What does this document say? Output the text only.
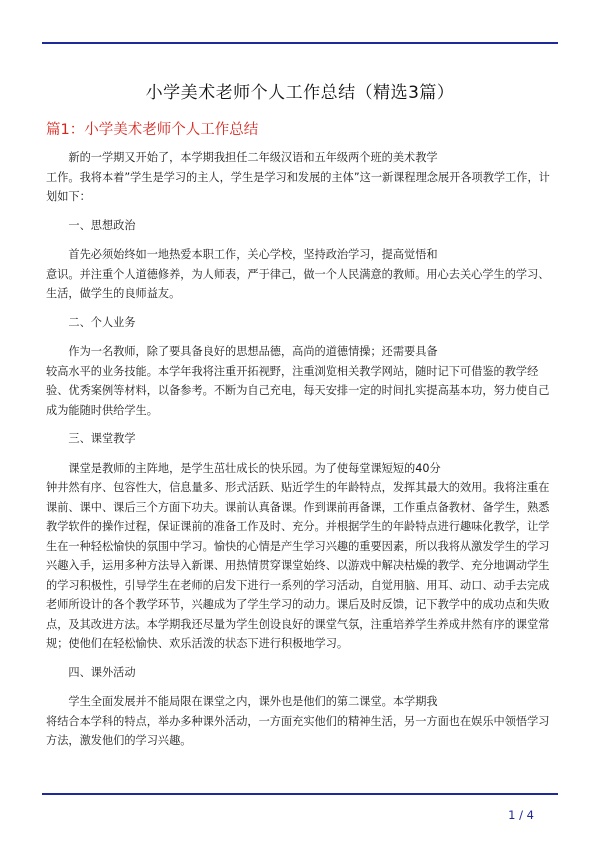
小学美术老师个人工作总结（精选3篇）
篇1：小学美术老师个人工作总结

新的一学期又开始了，本学期我担任二年级汉语和五年级两个班的美术教学
工作。我将本着”学生是学习的主人，学生是学习和发展的主体”这一新课程理念展开各项教学工作，计划如下：

一、思想政治

首先必须始终如一地热爱本职工作，关心学校，坚持政治学习，提高觉悟和
意识。并注重个人道德修养，为人师表，严于律己，做一个人民满意的教师。用心去关心学生的学习、生活，做学生的良师益友。

二、个人业务

作为一名教师，除了要具备良好的思想品德，高尚的道德情操；还需要具备
较高水平的业务技能。本学年我将注重开拓视野，注重浏览相关教学网站，随时记下可借鉴的教学经验、优秀案例等材料，以备参考。不断为自己充电，每天安排一定的时间扎实提高基本功，努力使自己成为能随时供给学生。

三、课堂教学

课堂是教师的主阵地，是学生茁壮成长的快乐园。为了使每堂课短短的40分
钟井然有序、包容性大，信息量多、形式活跃、贴近学生的年龄特点，发挥其最大的效用。我将注重在课前、课中、课后三个方面下功夫。课前认真备课。作到课前再备课，工作重点备教材、备学生，熟悉教学软件的操作过程，保证课前的准备工作及时、充分。并根据学生的年龄特点进行趣味化教学，让学生在一种轻松愉快的氛围中学习。愉快的心情是产生学习兴趣的重要因素，所以我将从激发学生的学习兴趣入手，运用多种方法导入新课、用热情贯穿课堂始终、以游戏中解决枯燥的教学、充分地调动学生的学习积极性，引导学生在老师的启发下进行一系列的学习活动，自觉用脑、用耳、动口、动手去完成老师所设计的各个教学环节，兴趣成为了学生学习的动力。课后及时反馈，记下教学中的成功点和失败点，及其改进方法。本学期我还尽量为学生创设良好的课堂气氛，注重培养学生养成井然有序的课堂常规；使他们在轻松愉快、欢乐活泼的状态下进行积极地学习。

四、课外活动

学生全面发展并不能局限在课堂之内，课外也是他们的第二课堂。本学期我
将结合本学科的特点，举办多种课外活动，一方面充实他们的精神生活，另一方面也在娱乐中领悟学习方法，激发他们的学习兴趣。

1 / 4
